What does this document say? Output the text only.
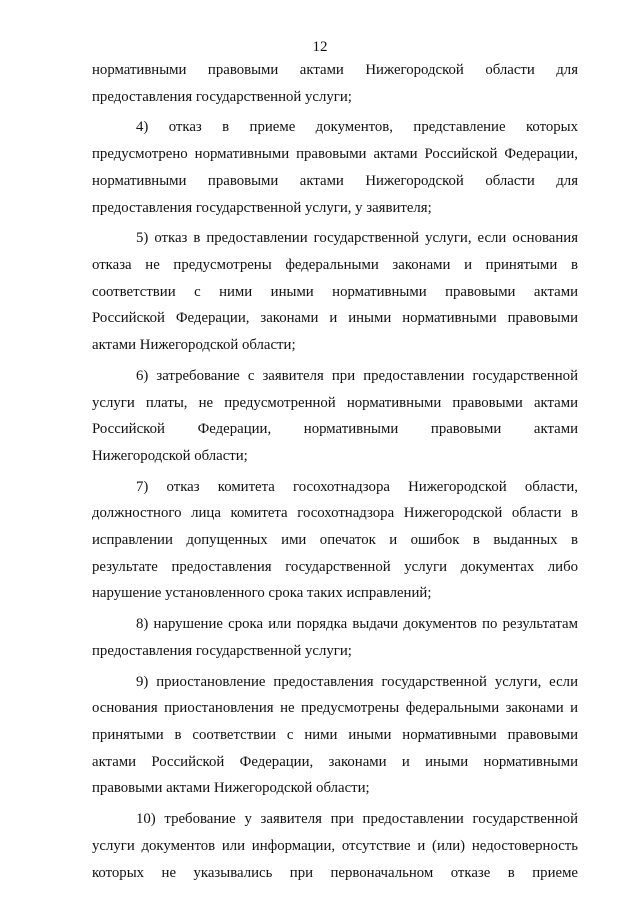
12
нормативными правовыми актами Нижегородской области для
предоставления государственной услуги;
4) отказ в приеме документов, представление которых
предусмотрено нормативными правовыми актами Российской Федерации,
нормативными правовыми актами Нижегородской области для
предоставления государственной услуги, у заявителя;
5) отказ в предоставлении государственной услуги, если основания
отказа не предусмотрены федеральными законами и принятыми в
соответствии с ними иными нормативными правовыми актами
Российской Федерации, законами и иными нормативными правовыми
актами Нижегородской области;
6) затребование с заявителя при предоставлении государственной
услуги платы, не предусмотренной нормативными правовыми актами
Российской Федерации, нормативными правовыми актами
Нижегородской области;
7) отказ комитета госохотнадзора Нижегородской области,
должностного лица комитета госохотнадзора Нижегородской области в
исправлении допущенных ими опечаток и ошибок в выданных в
результате предоставления государственной услуги документах либо
нарушение установленного срока таких исправлений;
8) нарушение срока или порядка выдачи документов по результатам
предоставления государственной услуги;
9) приостановление предоставления государственной услуги, если
основания приостановления не предусмотрены федеральными законами и
принятыми в соответствии с ними иными нормативными правовыми
актами Российской Федерации, законами и иными нормативными
правовыми актами Нижегородской области;
10) требование у заявителя при предоставлении государственной
услуги документов или информации, отсутствие и (или) недостоверность
которых не указывались при первоначальном отказе в приеме
